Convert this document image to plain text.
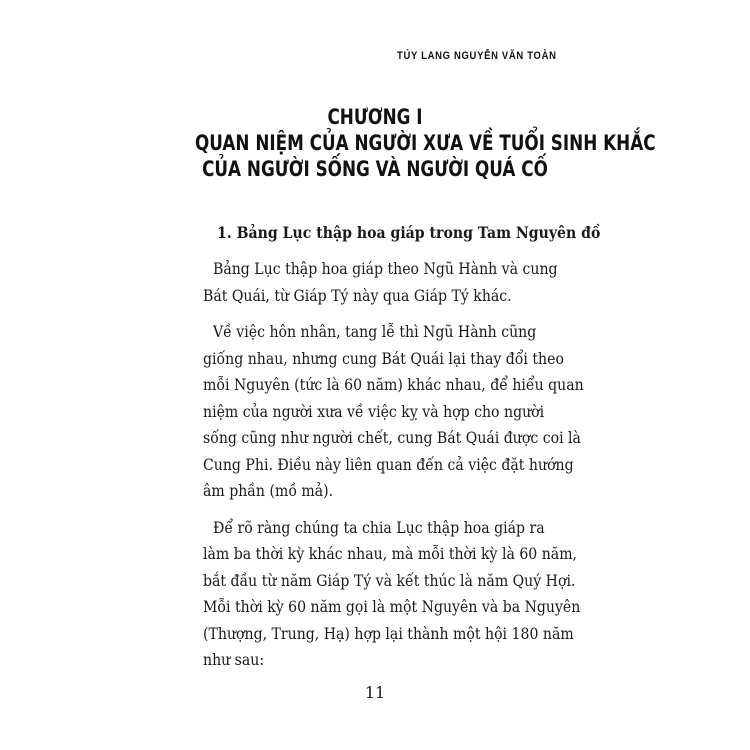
TÚY LANG NGUYỄN VĂN TOÀN
CHƯƠNG I
QUAN NIỆM CỦA NGƯỜI XƯA VỀ TUỔI SINH KHẮC
CỦA NGƯỜI SỐNG VÀ NGƯỜI QUÁ CỐ
1. Bảng Lục thập hoa giáp trong Tam Nguyên đồ
Bảng Lục thập hoa giáp theo Ngũ Hành và cung
Bát Quái, từ Giáp Tý này qua Giáp Tý khác.
Về việc hôn nhân, tang lễ thì Ngũ Hành cũng
giống nhau, nhưng cung Bát Quái lại thay đổi theo
mỗi Nguyên (tức là 60 năm) khác nhau, để hiểu quan
niệm của người xưa về việc kỵ và hợp cho người
sống cũng như người chết, cung Bát Quái được coi là
Cung Phi. Điều này liên quan đến cả việc đặt hướng
âm phần (mồ mả).
Để rõ ràng chúng ta chia Lục thập hoa giáp ra
làm ba thời kỳ khác nhau, mà mỗi thời kỳ là 60 năm,
bắt đầu từ năm Giáp Tý và kết thúc là năm Quý Hợi.
Mỗi thời kỳ 60 năm gọi là một Nguyên và ba Nguyên
(Thượng, Trung, Hạ) hợp lại thành một hội 180 năm
như sau:
11
